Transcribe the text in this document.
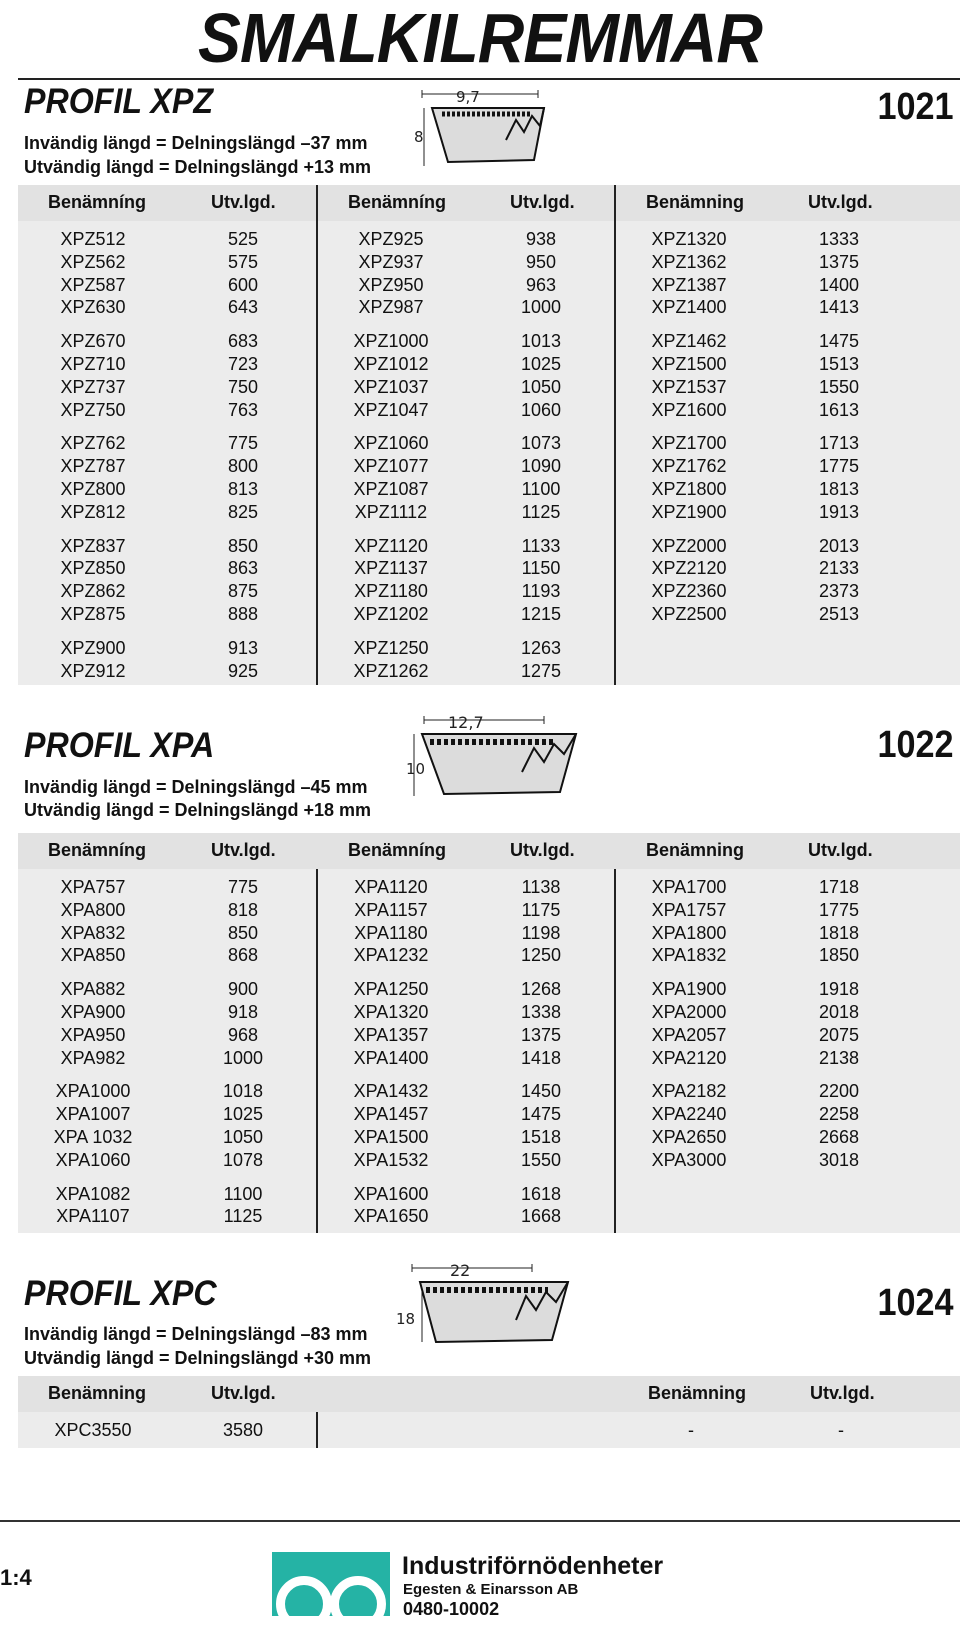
SMALKILREMMAR
PROFIL XPZ
Invändig längd = Delningslängd –37 mm
Utvändig längd = Delningslängd +13 mm
1021
9,7
8
Benämníng	Utv.lgd.	Benämníng	Utv.lgd.	Benämning	Utv.lgd.
XPZ512	525
XPZ562	575
XPZ587	600
XPZ630	643
XPZ670	683
XPZ710	723
XPZ737	750
XPZ750	763
XPZ762	775
XPZ787	800
XPZ800	813
XPZ812	825
XPZ837	850
XPZ850	863
XPZ862	875
XPZ875	888
XPZ900	913
XPZ912	925
XPZ925	938
XPZ937	950
XPZ950	963
XPZ987	1000
XPZ1000	1013
XPZ1012	1025
XPZ1037	1050
XPZ1047	1060
XPZ1060	1073
XPZ1077	1090
XPZ1087	1100
XPZ1112	1125
XPZ1120	1133
XPZ1137	1150
XPZ1180	1193
XPZ1202	1215
XPZ1250	1263
XPZ1262	1275
XPZ1320	1333
XPZ1362	1375
XPZ1387	1400
XPZ1400	1413
XPZ1462	1475
XPZ1500	1513
XPZ1537	1550
XPZ1600	1613
XPZ1700	1713
XPZ1762	1775
XPZ1800	1813
XPZ1900	1913
XPZ2000	2013
XPZ2120	2133
XPZ2360	2373
XPZ2500	2513
PROFIL XPA
Invändig längd = Delningslängd –45 mm
Utvändig längd = Delningslängd +18 mm
1022
12,7
10
Benämníng	Utv.lgd.	Benämníng	Utv.lgd.	Benämning	Utv.lgd.
XPA757	775
XPA800	818
XPA832	850
XPA850	868
XPA882	900
XPA900	918
XPA950	968
XPA982	1000
XPA1000	1018
XPA1007	1025
XPA 1032	1050
XPA1060	1078
XPA1082	1100
XPA1107	1125
XPA1120	1138
XPA1157	1175
XPA1180	1198
XPA1232	1250
XPA1250	1268
XPA1320	1338
XPA1357	1375
XPA1400	1418
XPA1432	1450
XPA1457	1475
XPA1500	1518
XPA1532	1550
XPA1600	1618
XPA1650	1668
XPA1700	1718
XPA1757	1775
XPA1800	1818
XPA1832	1850
XPA1900	1918
XPA2000	2018
XPA2057	2075
XPA2120	2138
XPA2182	2200
XPA2240	2258
XPA2650	2668
XPA3000	3018
PROFIL XPC
Invändig längd = Delningslängd –83 mm
Utvändig längd = Delningslängd +30 mm
1024
22
18
Benämning	Utv.lgd.	Benämning	Utv.lgd.
XPC3550	3580	-	-
1:4	Industriförnödenheter
Egesten & Einarsson AB
0480-10002
